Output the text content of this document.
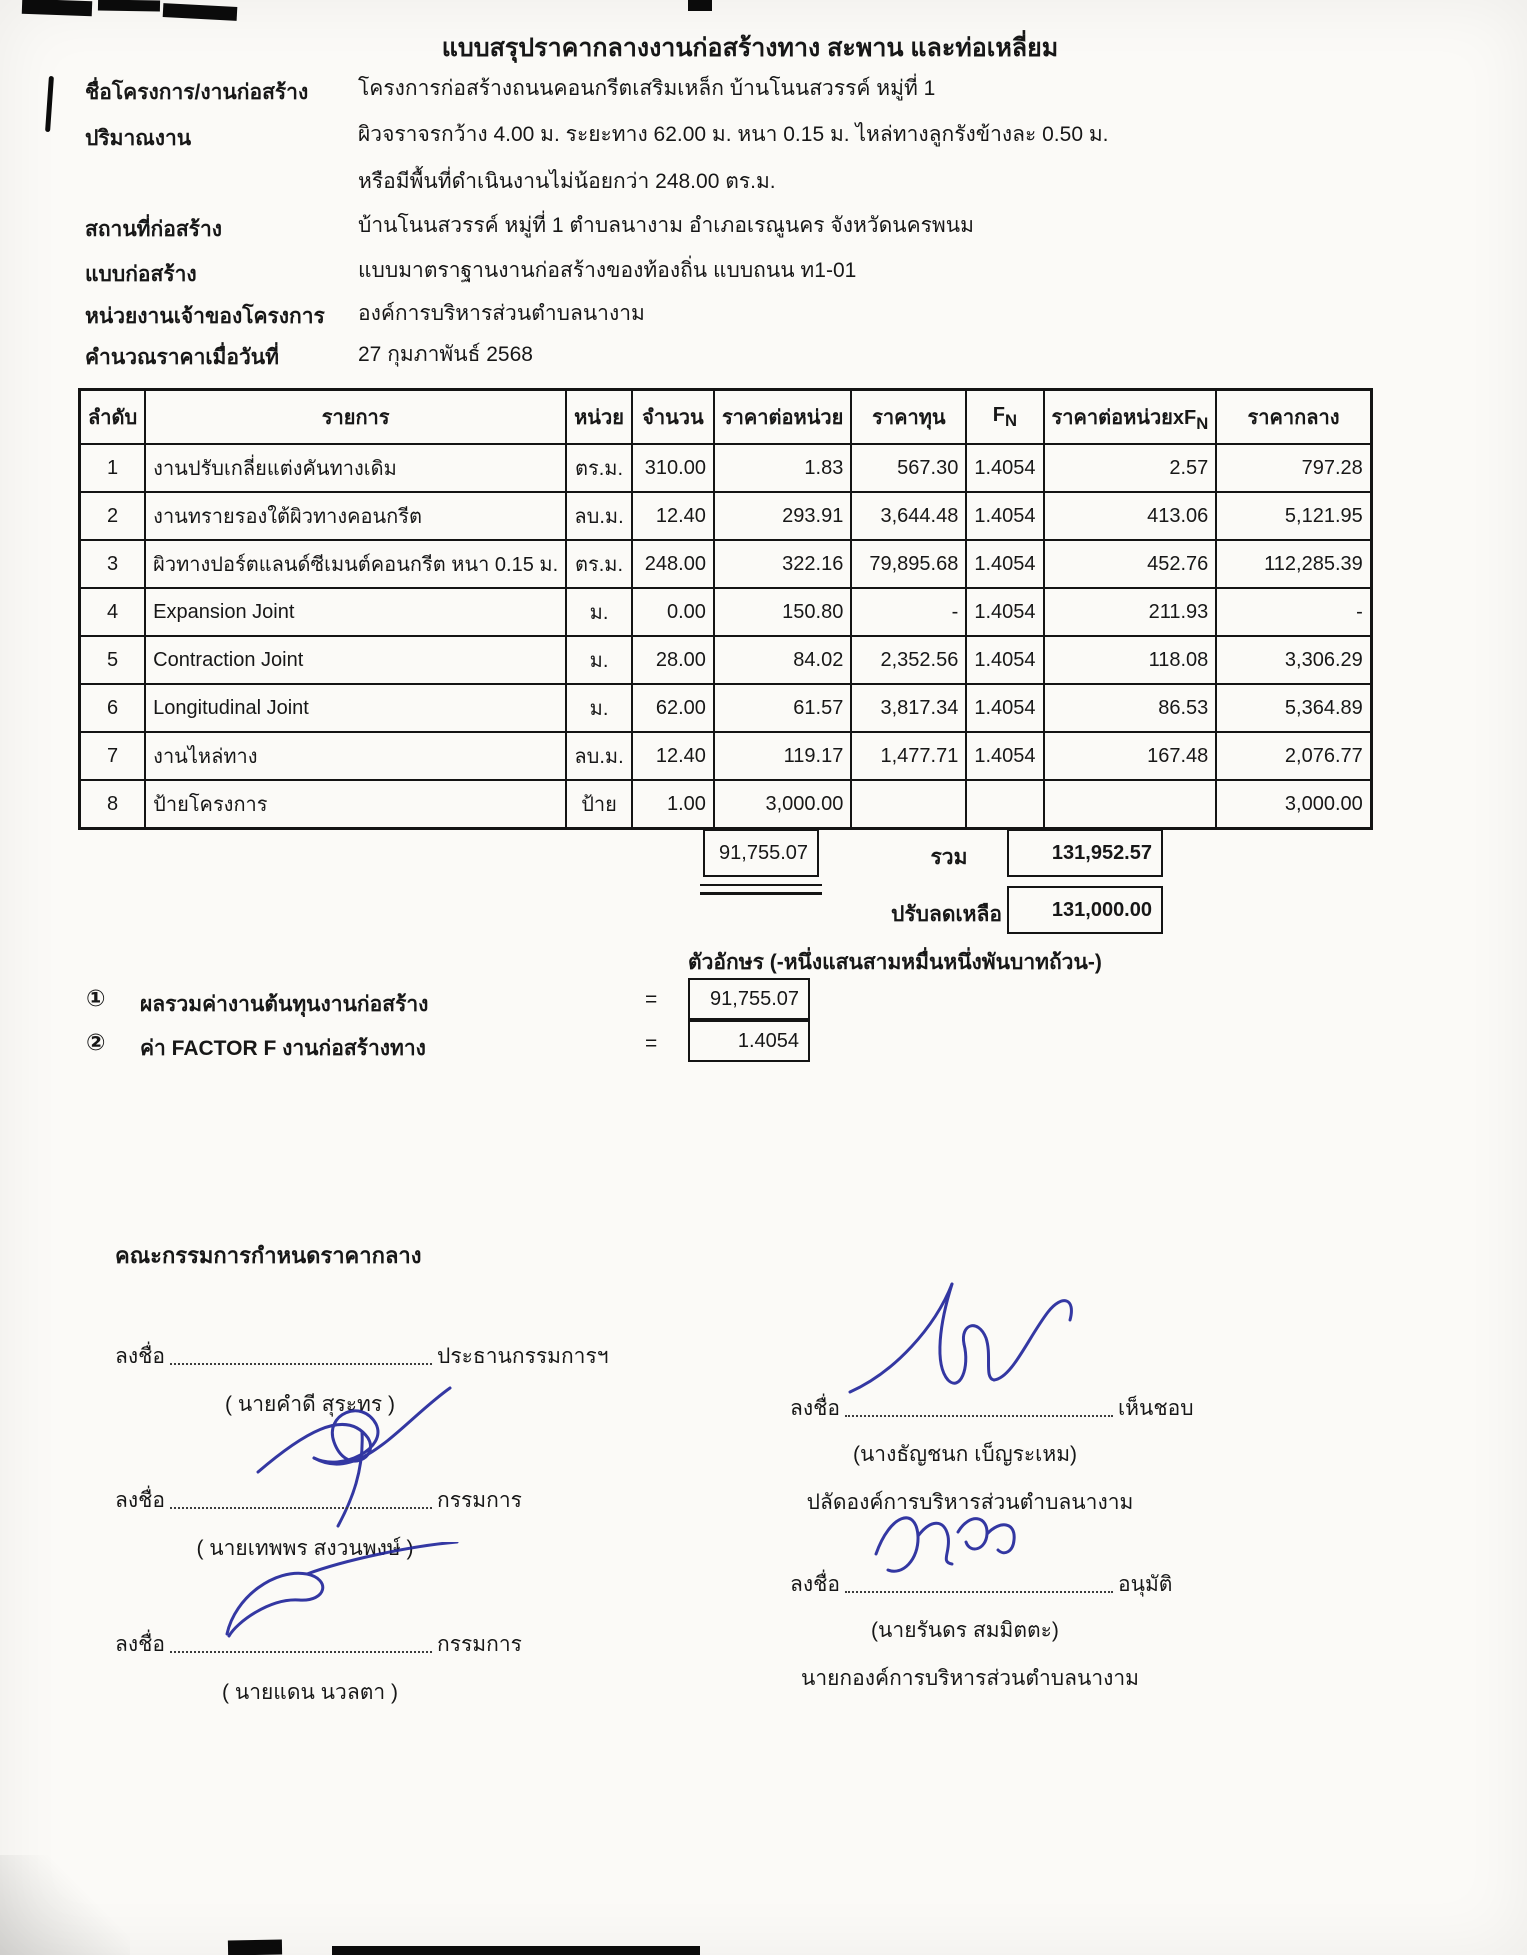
แบบสรุปราคากลางงานก่อสร้างทาง สะพาน และท่อเหลี่ยม
ชื่อโครงการ/งานก่อสร้าง โครงการก่อสร้างถนนคอนกรีตเสริมเหล็ก บ้านโนนสวรรค์ หมู่ที่ 1
ปริมาณงาน	ผิวจราจรกว้าง 4.00 ม. ระยะทาง 62.00 ม. หนา 0.15 ม. ไหล่ทางลูกรังข้างละ 0.50 ม.
หรือมีพื้นที่ดำเนินงานไม่น้อยกว่า 248.00 ตร.ม.
สถานที่ก่อสร้าง	บ้านโนนสวรรค์ หมู่ที่ 1 ตำบลนางาม อำเภอเรณูนคร จังหวัดนครพนม
แบบก่อสร้าง	แบบมาตราฐานงานก่อสร้างของท้องถิ่น แบบถนน ท1-01
หน่วยงานเจ้าของโครงการ องค์การบริหารส่วนตำบลนางาม
คำนวณราคาเมื่อวันที่	27 กุมภาพันธ์ 2568
ลำดับ	รายการ	หน่วย	จำนวน	ราคาต่อหน่วย	ราคาทุน	$F_N$	ราคาต่อหน่วย$xF_N$	ราคากลาง
1	งานปรับเกลี่ยแต่งคันทางเดิม	ตร.ม.	310.00	1.83	567.30	1.4054	2.57	797.28
2	งานทรายรองใต้ผิวทางคอนกรีต	ลบ.ม.	12.40	293.91	3,644.48	1.4054	413.06	5,121.95
3	ผิวทางปอร์ตแลนด์ซีเมนต์คอนกรีต หนา 0.15 ม.	ตร.ม.	248.00	322.16	79,895.68	1.4054	452.76	112,285.39
4	Expansion Joint	ม.	0.00	150.80	-	1.4054	211.93	-
5	Contraction Joint	ม.	28.00	84.02	2,352.56	1.4054	118.08	3,306.29
6	Longitudinal Joint	ม.	62.00	61.57	3,817.34	1.4054	86.53	5,364.89
7	งานไหล่ทาง	ลบ.ม.	12.40	119.17	1,477.71	1.4054	167.48	2,076.77
8	ป้ายโครงการ	ป้าย	1.00	3,000.00				3,000.00
91,755.07	รวม	131,952.57
ปรับลดเหลือ	131,000.00
ตัวอักษร (-หนึ่งแสนสามหมื่นหนึ่งพันบาทถ้วน-)
① ผลรวมค่างานต้นทุนงานก่อสร้าง	=	91,755.07
② ค่า FACTOR F งานก่อสร้างทาง	=	1.4054
คณะกรรมการกำหนดราคากลาง
ลงชื่อ	ประธานกรรมการฯ
( นายคำดี สุระทร )
ลงชื่อ	กรรมการ
( นายเทพพร สงวนพงษ์ )
ลงชื่อ	กรรมการ
( นายแดน นวลตา )
ลงชื่อ	เห็นชอบ
(นางธัญชนก เบ็ญระเหม)
ปลัดองค์การบริหารส่วนตำบลนางาม
ลงชื่อ	อนุมัติ
(นายรันดร สมมิตตะ)
นายกองค์การบริหารส่วนตำบลนางาม
